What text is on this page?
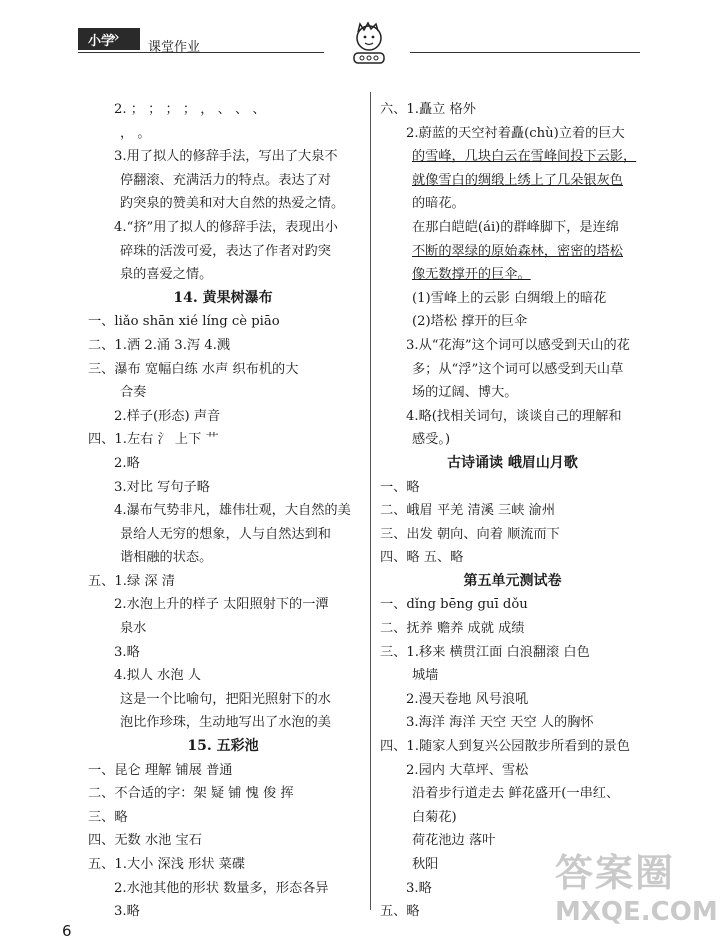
小学
»
课堂作业
2. ； ； ； ； ， 、 、 、
， 。
3.用了拟人的修辞手法，写出了大泉不
停翻滚、充满活力的特点。表达了对
趵突泉的赞美和对大自然的热爱之情。
4.“挤”用了拟人的修辞手法，表现出小
碎珠的活泼可爱，表达了作者对趵突
泉的喜爱之情。
14. 黄果树瀑布
一、liǎo shān xié líng cè piāo
二、1.洒 2.涌 3.泻 4.溅
三、瀑布 宽幅白练 水声 织布机的大
合奏
2.样子(形态) 声音
四、1.左右 氵 上下 艹
2.略
3.对比 写句子略
4.瀑布气势非凡，雄伟壮观，大自然的美
景给人无穷的想象，人与自然达到和
谐相融的状态。
五、1.绿 深 清
2.水泡上升的样子 太阳照射下的一潭
泉水
3.略
4.拟人 水泡 人
这是一个比喻句，把阳光照射下的水
泡比作珍珠，生动地写出了水泡的美
15. 五彩池
一、昆仑 理解 铺展 普通
二、不合适的字：架 疑 铺 愧 俊 挥
三、略
四、无数 水池 宝石
五、1.大小 深浅 形状 菜碟
2.水池其他的形状 数量多，形态各异
3.略
六、1.矗立 格外
2.蔚蓝的天空衬着矗(chù)立着的巨大
的雪峰，几块白云在雪峰间投下云影，
就像雪白的绸缎上绣上了几朵银灰色
的暗花。
在那白皑皑(ái)的群峰脚下，是连绵
不断的翠绿的原始森林，密密的塔松
像无数撑开的巨伞。
(1)雪峰上的云影 白绸缎上的暗花
(2)塔松 撑开的巨伞
3.从“花海”这个词可以感受到天山的花
多；从“浮”这个词可以感受到天山草
场的辽阔、博大。
4.略(找相关词句，谈谈自己的理解和
感受。)
古诗诵读 峨眉山月歌
一、略
二、峨眉 平羌 清溪 三峡 渝州
三、出发 朝向、向着 顺流而下
四、略 五、略
第五单元测试卷
一、dǐng bēng guī dǒu
二、抚养 赡养 成就 成绩
三、1.移来 横贯江面 白浪翻滚 白色
城墙
2.漫天卷地 风号浪吼
3.海洋 海洋 天空 天空 人的胸怀
四、1.随家人到复兴公园散步所看到的景色
2.园内 大草坪、雪松
沿着步行道走去 鲜花盛开(一串红、
白菊花)
荷花池边 落叶
秋阳
3.略
五、略
答案圈
MXQE.COM
6
